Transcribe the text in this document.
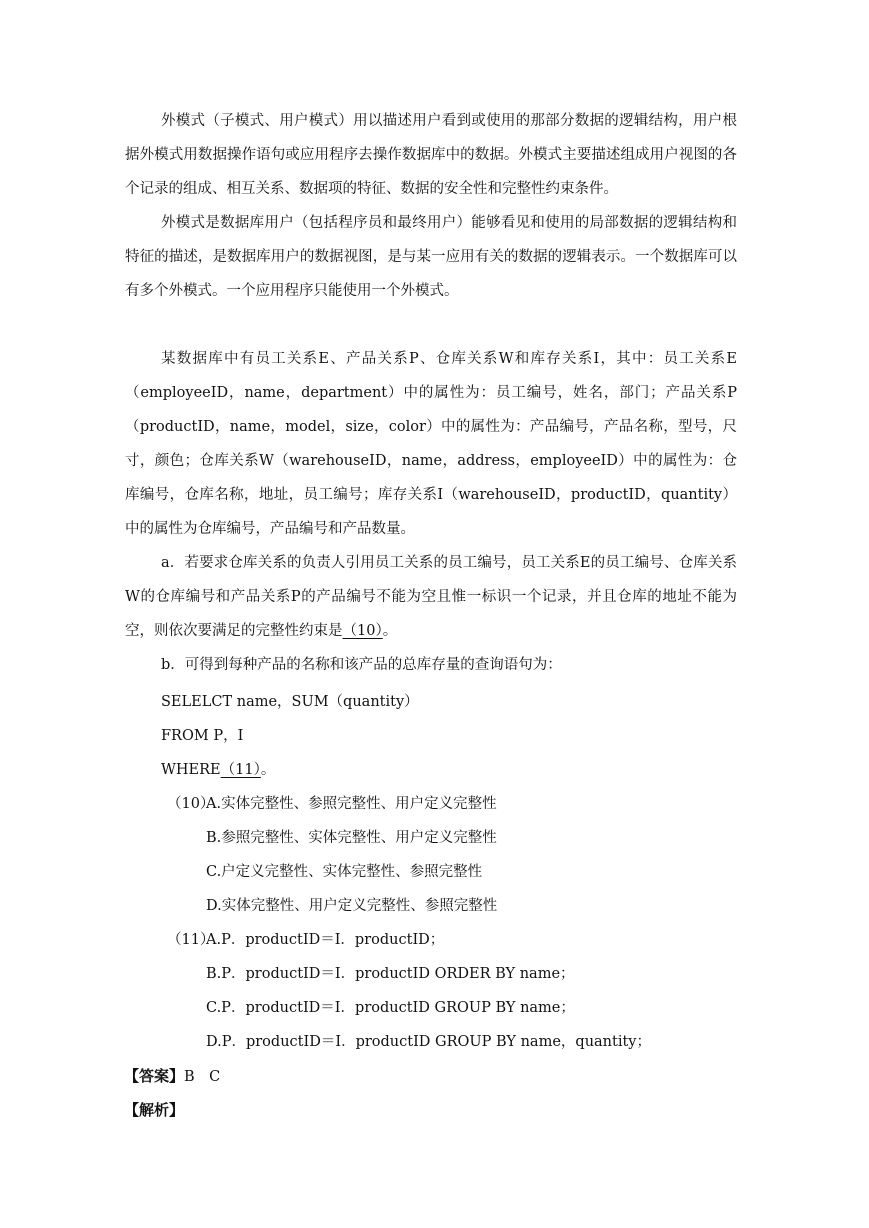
外模式（子模式、用户模式）用以描述用户看到或使用的那部分数据的逻辑结构，用户根据外模式用数据操作语句或应用程序去操作数据库中的数据。外模式主要描述组成用户视图的各个记录的组成、相互关系、数据项的特征、数据的安全性和完整性约束条件。

外模式是数据库用户（包括程序员和最终用户）能够看见和使用的局部数据的逻辑结构和特征的描述，是数据库用户的数据视图，是与某一应用有关的数据的逻辑表示。一个数据库可以有多个外模式。一个应用程序只能使用一个外模式。

某数据库中有员工关系E、产品关系P、仓库关系W和库存关系I，其中：员工关系E（employeeID，name，department）中的属性为：员工编号，姓名，部门；产品关系P（productID，name，model，size，color）中的属性为：产品编号，产品名称，型号，尺寸，颜色；仓库关系W（warehouseID，name，address，employeeID）中的属性为：仓库编号，仓库名称，地址，员工编号；库存关系I（warehouseID，productID，quantity）中的属性为仓库编号，产品编号和产品数量。

a．若要求仓库关系的负责人引用员工关系的员工编号，员工关系E的员工编号、仓库关系W的仓库编号和产品关系P的产品编号不能为空且惟一标识一个记录，并且仓库的地址不能为空，则依次要满足的完整性约束是（10）。

b．可得到每种产品的名称和该产品的总库存量的查询语句为：

SELELCT name，SUM（quantity）
FROM P，I
WHERE（11）。
（10）
A.实体完整性、参照完整性、用户定义完整性
B.参照完整性、实体完整性、用户定义完整性
C.户定义完整性、实体完整性、参照完整性
D.实体完整性、用户定义完整性、参照完整性
（11）
A.P．productID＝I．productID；
B.P．productID＝I．productID ORDER BY name；
C.P．productID＝I．productID GROUP BY name；
D.P．productID＝I．productID GROUP BY name，quantity；
【答案】B　C
【解析】
